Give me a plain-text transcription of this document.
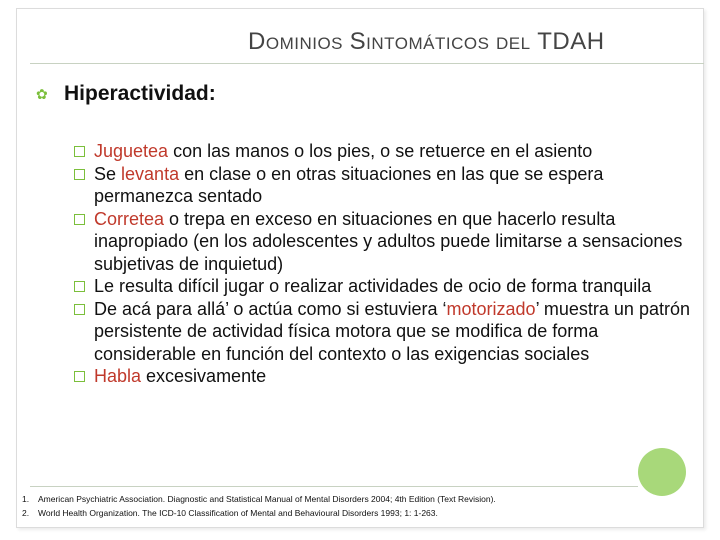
DOMINIOS SINTOMÁTICOS DEL TDAH
✿ Hiperactividad:
Juguetea con las manos o los pies, o se retuerce en el asiento
Se levanta en clase o en otras situaciones en las que se espera permanezca sentado
Corretea o trepa en exceso en situaciones en que hacerlo resulta inapropiado (en los adolescentes y adultos puede limitarse a sensaciones subjetivas de inquietud)
Le resulta difícil jugar o realizar actividades de ocio de forma tranquila
De acá para allá’ o actúa como si estuviera ‘motorizado’ muestra un patrón persistente de actividad física motora que se modifica de forma considerable en función del contexto o las exigencias sociales
Habla excesivamente
1.	American Psychiatric Association. Diagnostic and Statistical Manual of Mental Disorders 2004; 4th Edition (Text Revision).
2.	World Health Organization. The ICD-10 Classification of Mental and Behavioural Disorders 1993; 1: 1-263.
